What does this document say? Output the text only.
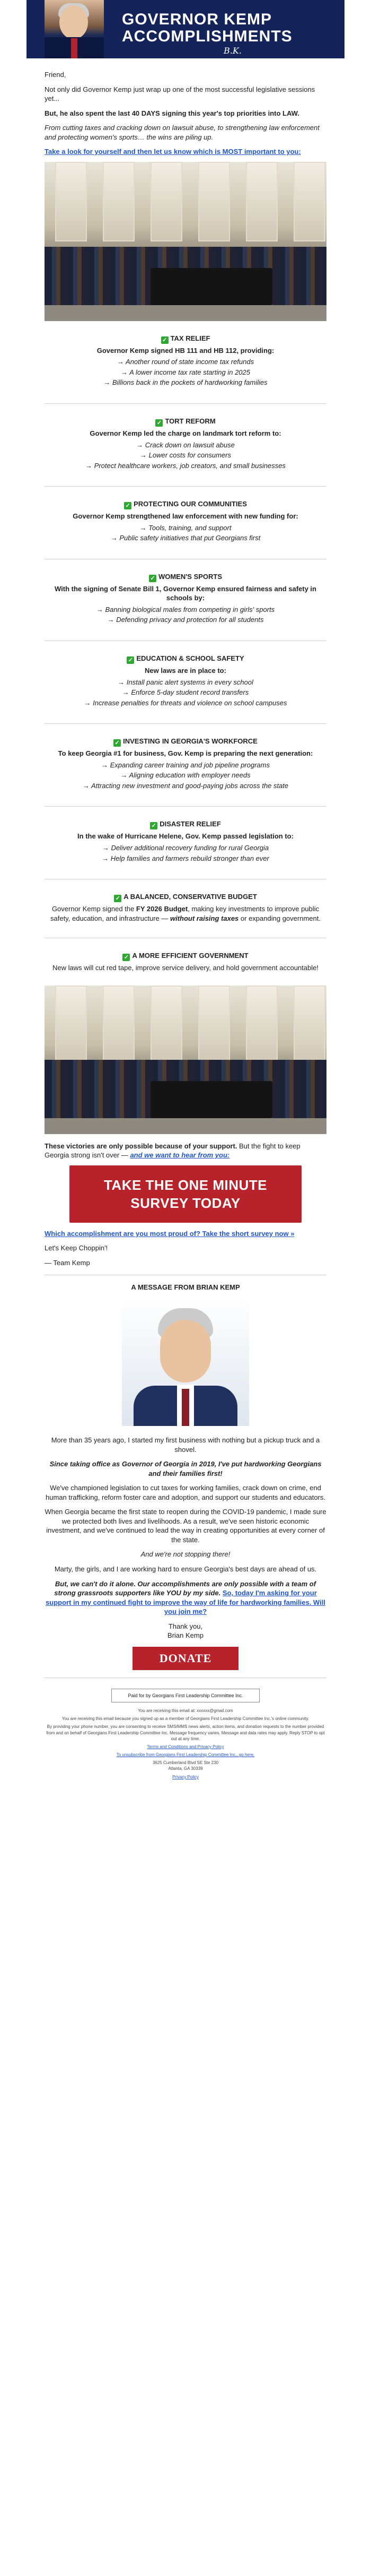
GOVERNOR KEMP
ACCOMPLISHMENTS
B.K.

Friend,

Not only did Governor Kemp just wrap up one of the most successful legislative sessions yet...

But, he also spent the last 40 DAYS signing this year's top priorities into LAW.

From cutting taxes and cracking down on lawsuit abuse, to strengthening law enforcement and protecting women's sports… the wins are piling up.

Take a look for yourself and then let us know which is MOST important to you:

✓ TAX RELIEF
Governor Kemp signed HB 111 and HB 112, providing:
→ Another round of state income tax refunds
→ A lower income tax rate starting in 2025
→ Billions back in the pockets of hardworking families
✓ TORT REFORM
Governor Kemp led the charge on landmark tort reform to:
→ Crack down on lawsuit abuse
→ Lower costs for consumers
→ Protect healthcare workers, job creators, and small businesses
✓ PROTECTING OUR COMMUNITIES
Governor Kemp strengthened law enforcement with new funding for:
→ Tools, training, and support
→ Public safety initiatives that put Georgians first
✓ WOMEN'S SPORTS
With the signing of Senate Bill 1, Governor Kemp ensured fairness and safety in schools by:
→ Banning biological males from competing in girls' sports
→ Defending privacy and protection for all students
✓ EDUCATION & SCHOOL SAFETY
New laws are in place to:
→ Install panic alert systems in every school
→ Enforce 5-day student record transfers
→ Increase penalties for threats and violence on school campuses
✓ INVESTING IN GEORGIA'S WORKFORCE
To keep Georgia #1 for business, Gov. Kemp is preparing the next generation:
→ Expanding career training and job pipeline programs
→ Aligning education with employer needs
→ Attracting new investment and good-paying jobs across the state
✓ DISASTER RELIEF
In the wake of Hurricane Helene, Gov. Kemp passed legislation to:
→ Deliver additional recovery funding for rural Georgia
→ Help families and farmers rebuild stronger than ever
✓ A BALANCED, CONSERVATIVE BUDGET
Governor Kemp signed the FY 2026 Budget, making key investments to improve public safety, education, and infrastructure — without raising taxes or expanding government.
✓ A MORE EFFICIENT GOVERNMENT
New laws will cut red tape, improve service delivery, and hold government accountable!

These victories are only possible because of your support. But the fight to keep Georgia strong isn't over — and we want to hear from you:

TAKE THE ONE MINUTE
SURVEY TODAY

Which accomplishment are you most proud of? Take the short survey now »

Let's Keep Choppin'!

— Team Kemp

A MESSAGE FROM BRIAN KEMP

More than 35 years ago, I started my first business with nothing but a pickup truck and a shovel.

Since taking office as Governor of Georgia in 2019, I've put hardworking Georgians and their families first!

We've championed legislation to cut taxes for working families, crack down on crime, end human trafficking, reform foster care and adoption, and support our students and educators.

When Georgia became the first state to reopen during the COVID-19 pandemic, I made sure we protected both lives and livelihoods. As a result, we've seen historic economic investment, and we've continued to lead the way in creating opportunities at every corner of the state.

And we're not stopping there!

Marty, the girls, and I are working hard to ensure Georgia's best days are ahead of us.

But, we can't do it alone. Our accomplishments are only possible with a team of strong grassroots supporters like YOU by my side. So, today I'm asking for your support in my continued fight to improve the way of life for hardworking families. Will you join me?

Thank you,

Brian Kemp

DONATE
Paid for by Georgians First Leadership Committee Inc.

You are receiving this email at: xxxxxx@gmail.com

You are receiving this email because you signed up as a member of Georgians First Leadership Committee Inc.'s online community.

By providing your phone number, you are consenting to receive SMS/MMS news alerts, action items, and donation requests to the number provided from and on behalf of Georgians First Leadership Committee Inc. Message frequency varies. Message and data rates may apply. Reply STOP to opt out at any time.

Terms and Conditions and Privacy Policy

To unsubscribe from Georgians First Leadership Committee Inc., go here.

3625 Cumberland Blvd SE Ste 230

Atlanta, GA 30339

Privacy Policy
